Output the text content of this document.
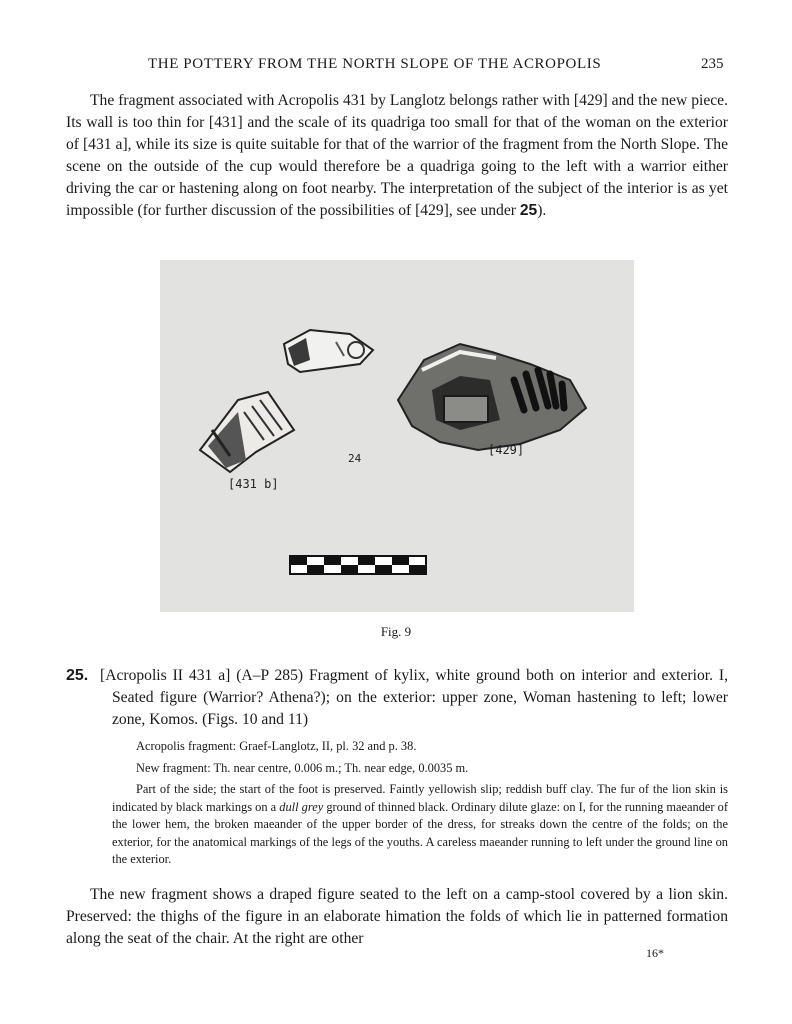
THE POTTERY FROM THE NORTH SLOPE OF THE ACROPOLIS	235

The fragment associated with Acropolis 431 by Langlotz belongs rather with [429] and the new piece. Its wall is too thin for [431] and the scale of its quadriga too small for that of the woman on the exterior of [431 a], while its size is quite suitable for that of the warrior of the fragment from the North Slope. The scene on the outside of the cup would therefore be a quadriga going to the left with a warrior either driving the car or hastening along on foot nearby. The interpretation of the subject of the interior is as yet impossible (for further discussion of the possibilities of [429], see under 25).

[431 b]
24
[429]
Fig. 9
25. [Acropolis II 431 a] (A–P 285) Fragment of kylix, white ground both on interior and exterior. I, Seated figure (Warrior? Athena?); on the exterior: upper zone, Woman hastening to left; lower zone, Komos. (Figs. 10 and 11)

Acropolis fragment: Graef-Langlotz, II, pl. 32 and p. 38.

New fragment: Th. near centre, 0.006 m.; Th. near edge, 0.0035 m.

Part of the side; the start of the foot is preserved. Faintly yellowish slip; reddish buff clay. The fur of the lion skin is indicated by black markings on a dull grey ground of thinned black. Ordinary dilute glaze: on I, for the running maeander of the lower hem, the broken maeander of the upper border of the dress, for streaks down the centre of the folds; on the exterior, for the anatomical markings of the legs of the youths. A careless maeander running to left under the ground line on the exterior.

The new fragment shows a draped figure seated to the left on a camp-stool covered by a lion skin. Preserved: the thighs of the figure in an elaborate himation the folds of which lie in patterned formation along the seat of the chair. At the right are other

16*
